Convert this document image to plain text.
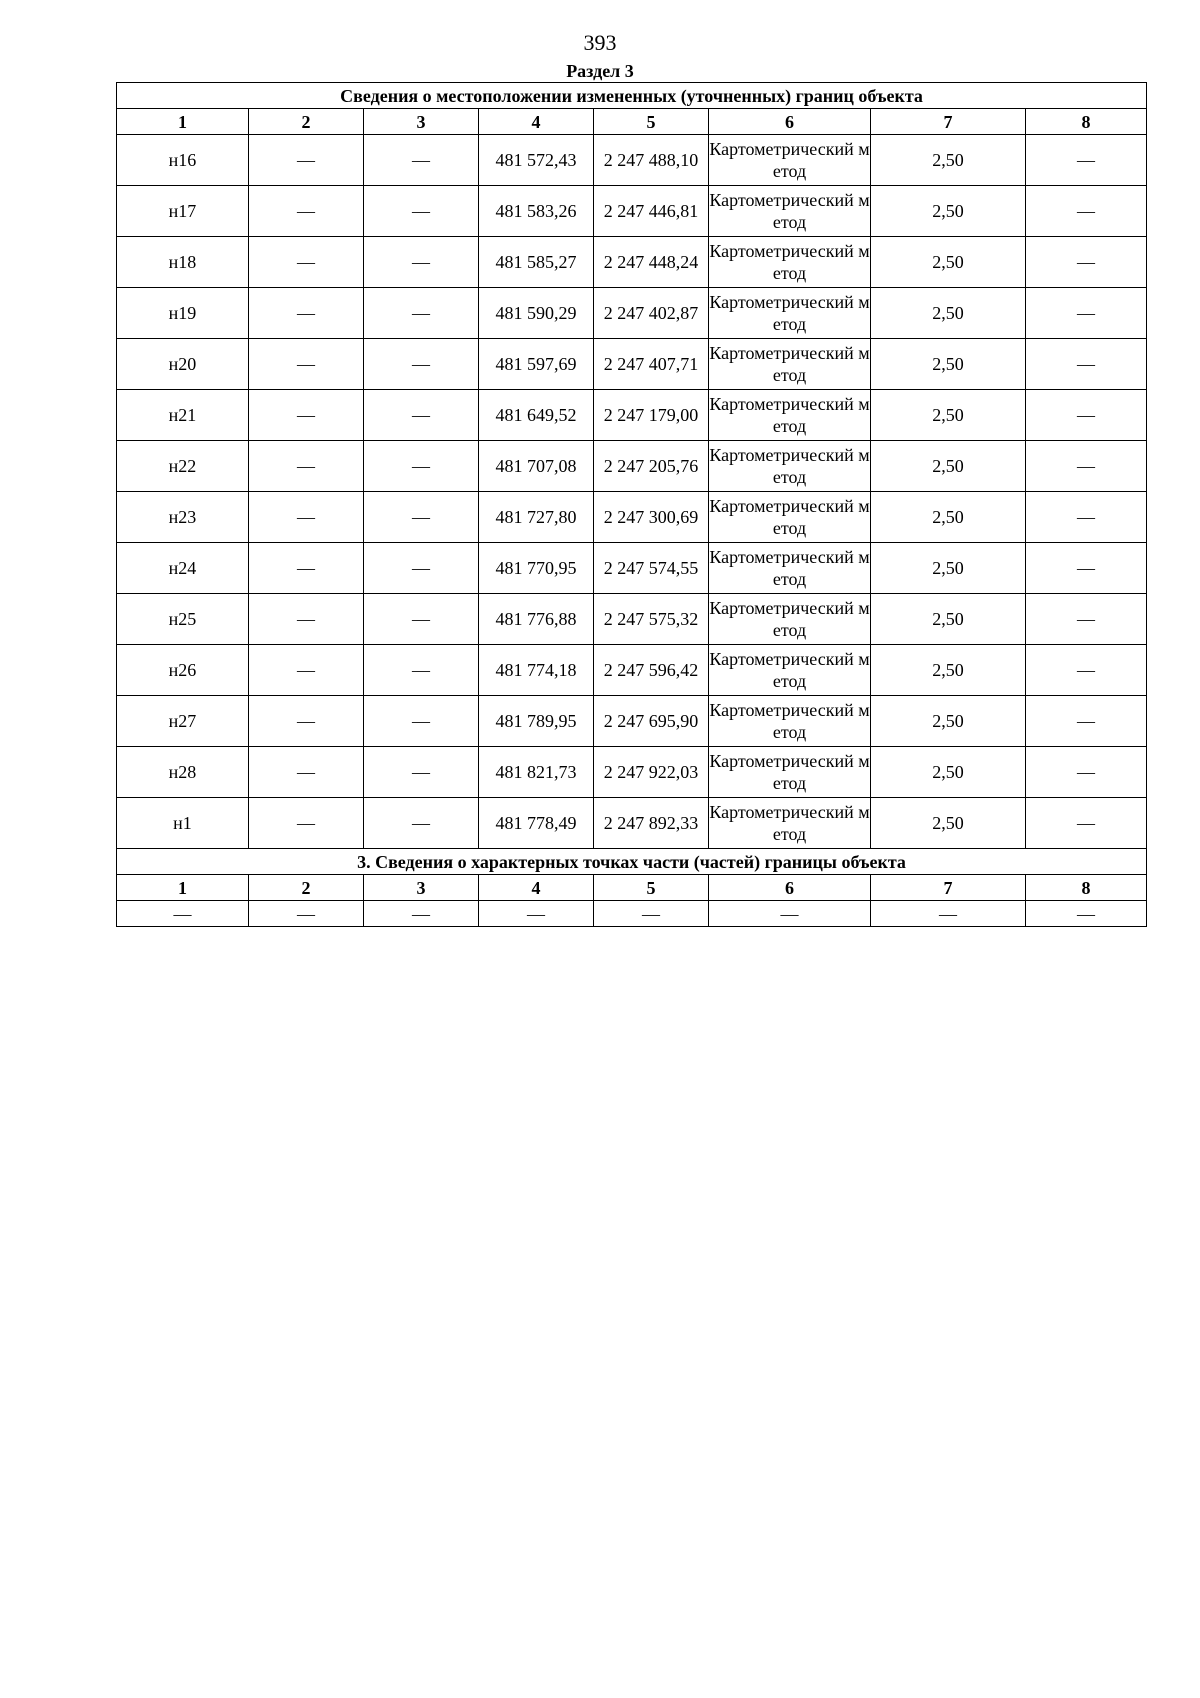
393
Раздел 3
Сведения о местоположении измененных (уточненных) границ объекта							
1	2	3	4	5	6	7	8
н16	—	—	481 572,43	2 247 488,10	Картометрический метод	2,50	—
н17	—	—	481 583,26	2 247 446,81	Картометрический метод	2,50	—
н18	—	—	481 585,27	2 247 448,24	Картометрический метод	2,50	—
н19	—	—	481 590,29	2 247 402,87	Картометрический метод	2,50	—
н20	—	—	481 597,69	2 247 407,71	Картометрический метод	2,50	—
н21	—	—	481 649,52	2 247 179,00	Картометрический метод	2,50	—
н22	—	—	481 707,08	2 247 205,76	Картометрический метод	2,50	—
н23	—	—	481 727,80	2 247 300,69	Картометрический метод	2,50	—
н24	—	—	481 770,95	2 247 574,55	Картометрический метод	2,50	—
н25	—	—	481 776,88	2 247 575,32	Картометрический метод	2,50	—
н26	—	—	481 774,18	2 247 596,42	Картометрический метод	2,50	—
н27	—	—	481 789,95	2 247 695,90	Картометрический метод	2,50	—
н28	—	—	481 821,73	2 247 922,03	Картометрический метод	2,50	—
н1	—	—	481 778,49	2 247 892,33	Картометрический метод	2,50	—
3. Сведения о характерных точках части (частей) границы объекта							
1	2	3	4	5	6	7	8
—	—	—	—	—	—	—	—
